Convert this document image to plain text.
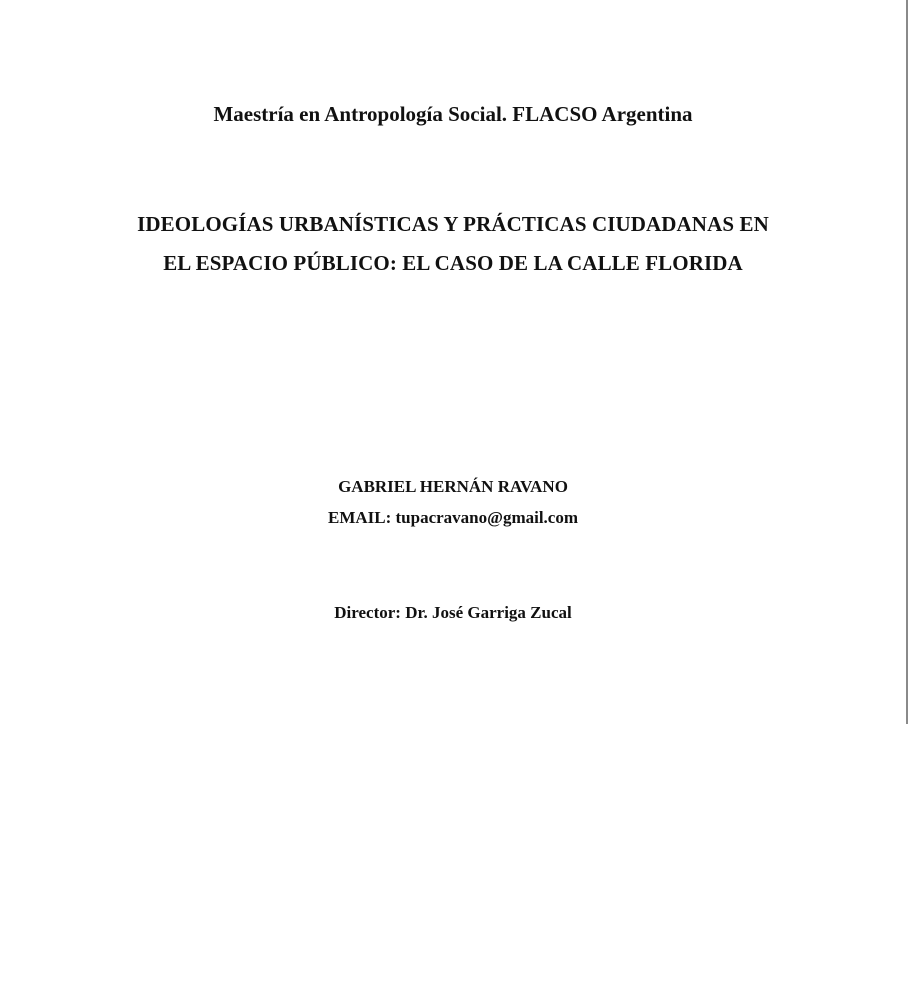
Maestría en Antropología Social. FLACSO Argentina
IDEOLOGÍAS URBANÍSTICAS Y PRÁCTICAS CIUDADANAS EN
EL ESPACIO PÚBLICO: EL CASO DE LA CALLE FLORIDA
GABRIEL HERNÁN RAVANO
EMAIL: tupacravano@gmail.com
Director: Dr. José Garriga Zucal
